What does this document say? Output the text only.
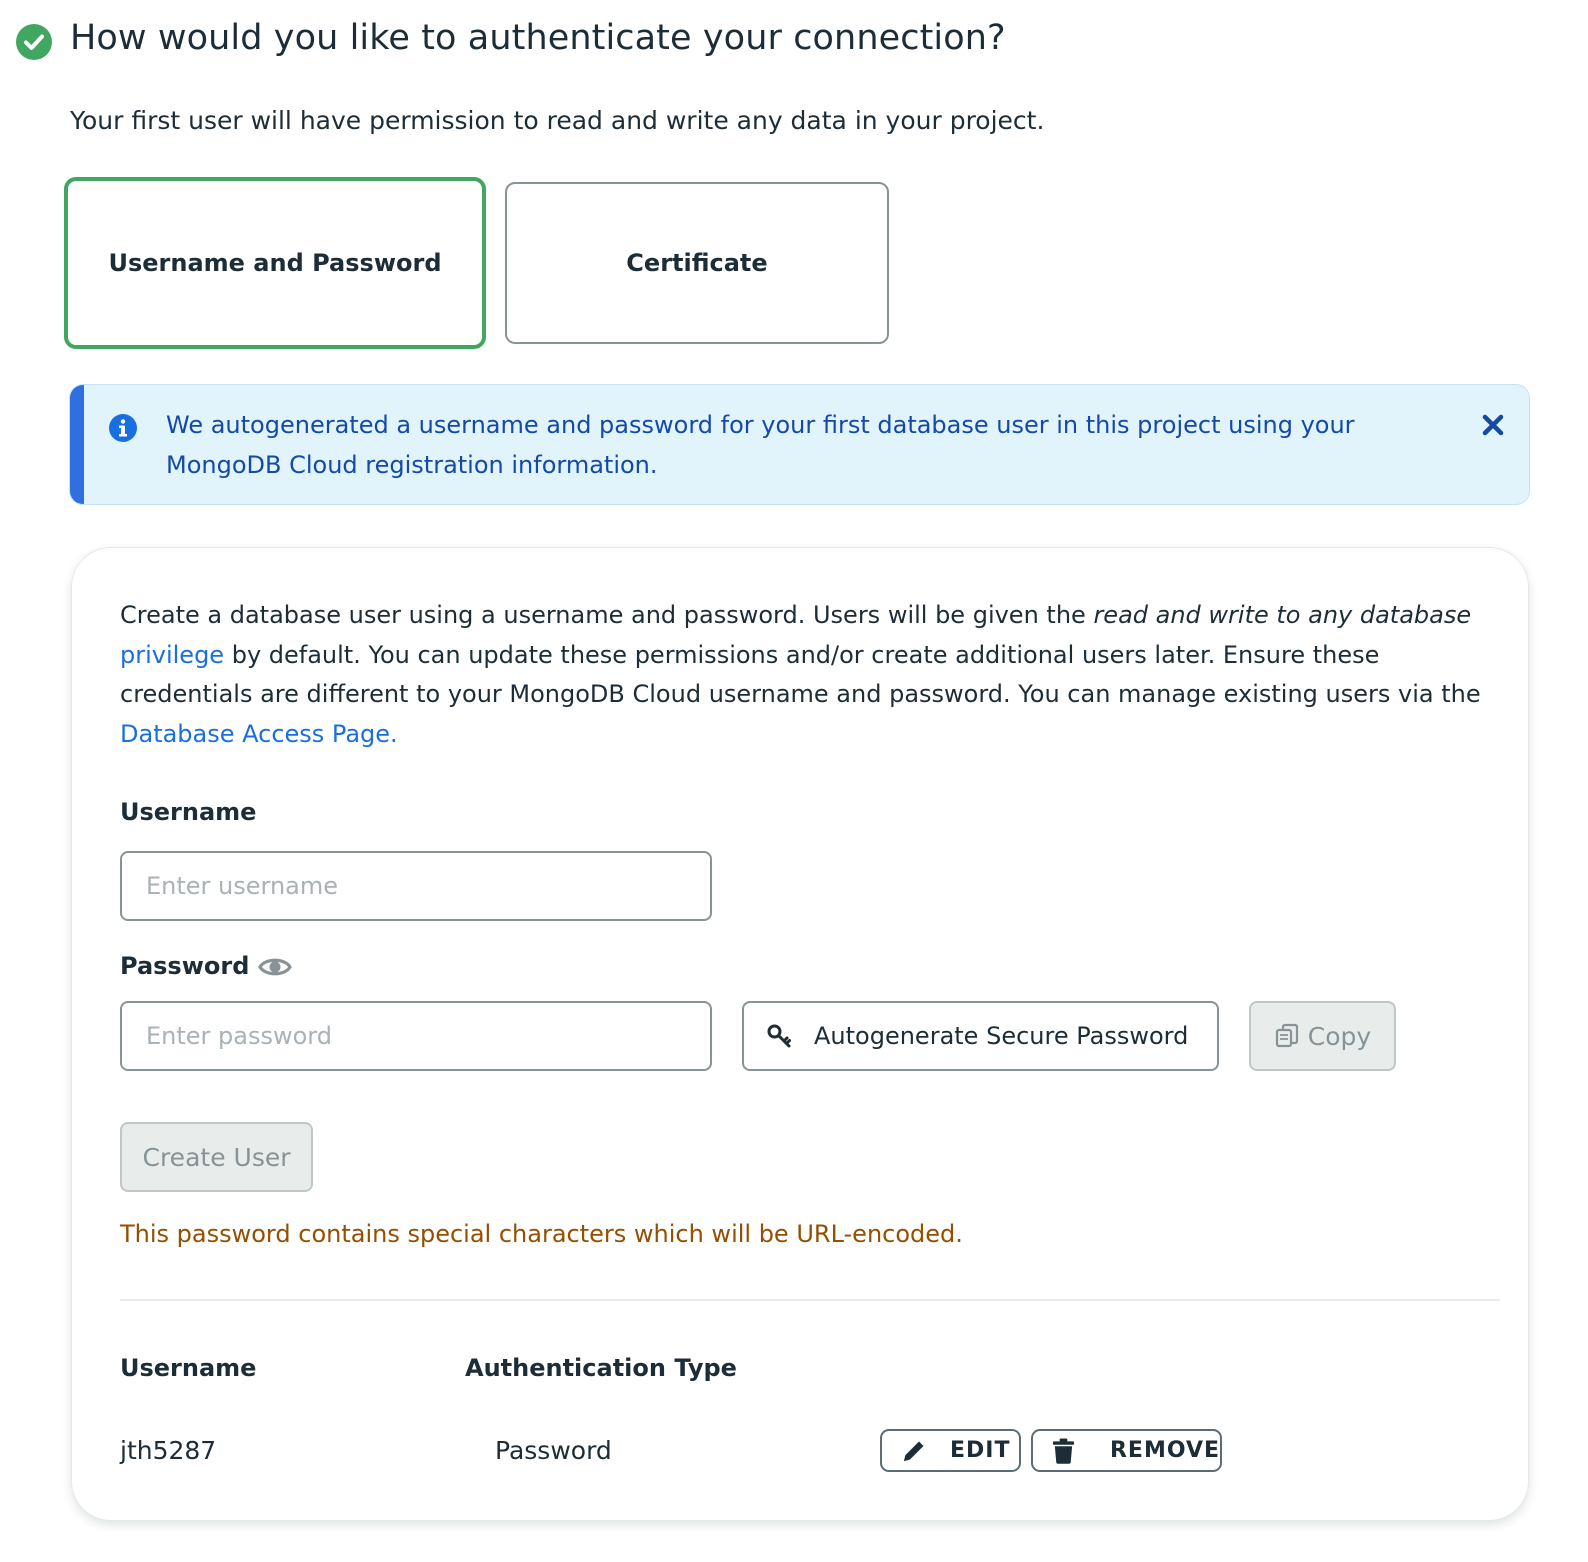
How would you like to authenticate your connection?

Your first user will have permission to read and write any data in your project.

Username and Password	Certificate

We autogenerated a username and password for your first database user in this project using your MongoDB Cloud registration information.

Create a database user using a username and password. Users will be given the read and write to any database privilege by default. You can update these permissions and/or create additional users later. Ensure these credentials are different to your MongoDB Cloud username and password. You can manage existing users via the Database Access Page.

Username
Enter username
Password
Autogenerate Secure Password	Copy
Create User

This password contains special characters which will be URL-encoded.

Username	Authentication Type
jth5287	Password	EDIT	REMOVE
